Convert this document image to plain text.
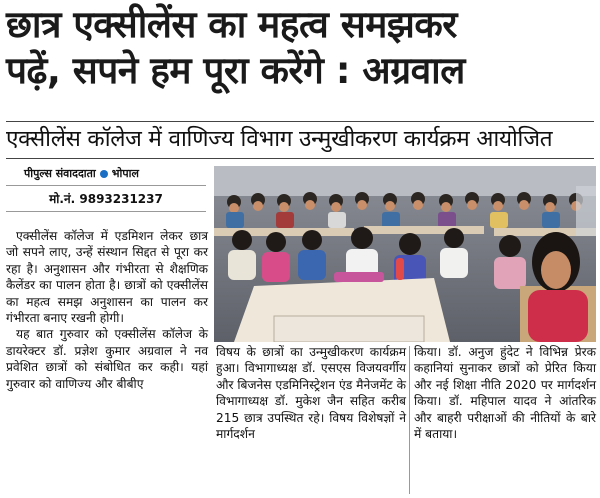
छात्र एक्सीलेंस का महत्व समझकर
पढ़ें, सपने हम पूरा करेंगे : अग्रवाल
एक्सीलेंस कॉलेज में वाणिज्य विभाग उन्मुखीकरण कार्यक्रम आयोजित
पीपुल्स संवाददाता भोपाल
मो.नं. 9893231237

एक्सीलेंस कॉलेज में एडमिशन लेकर छात्र जो सपने लाए, उन्हें संस्थान सिद्दत से पूरा कर रहा है। अनुशासन और गंभीरता से शैक्षणिक कैलेंडर का पालन होता है। छात्रों को एक्सीलेंस का महत्व समझ अनुशासन का पालन कर गंभीरता बनाए रखनी होगी।

यह बात गुरुवार को एक्सीलेंस कॉलेज के डायरेक्टर डॉ. प्रज्ञेश कुमार अग्रवाल ने नव प्रवेशित छात्रों को संबोधित कर कही। यहां गुरुवार को वाणिज्य और बीबीए

विषय के छात्रों का उन्मुखीकरण कार्यक्रम हुआ। विभागाध्यक्ष डॉ. एसएस विजयवर्गीय और बिजनेस एडमिनिस्ट्रेशन एंड मैनेजमेंट के विभागाध्यक्ष डॉ. मुकेश जैन सहित करीब 215 छात्र उपस्थित रहे। विषय विशेषज्ञों ने मार्गदर्शन

किया। डॉ. अनुज हुंदेट ने विभिन्न प्रेरक कहानियां सुनाकर छात्रों को प्रेरित किया और नई शिक्षा नीति 2020 पर मार्गदर्शन किया। डॉ. महिपाल यादव ने आंतरिक और बाहरी परीक्षाओं की नीतियों के बारे में बताया।
